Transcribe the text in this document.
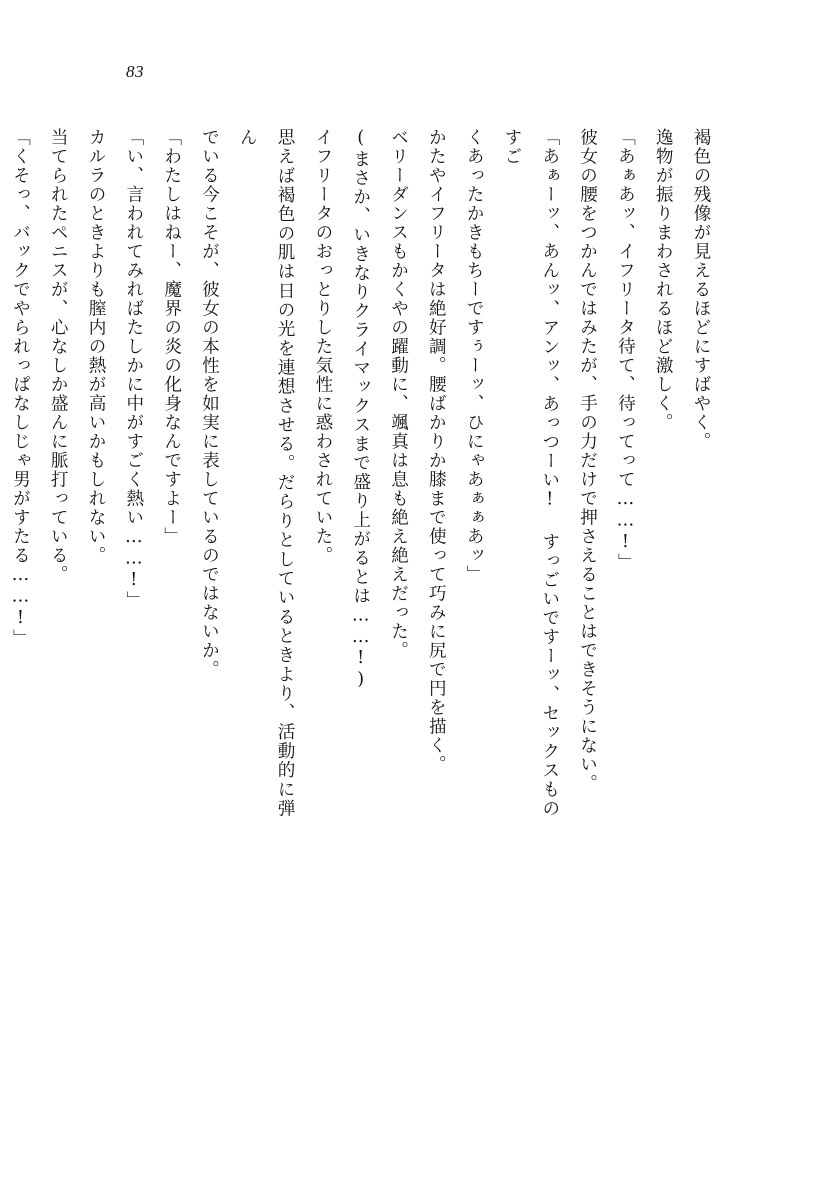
83

褐色の残像が見えるほどにすばやく。

逸物が振りまわされるほど激しく。

「あぁあッ、イフリータ待て、待ってって……!」

彼女の腰をつかんではみたが、手の力だけで押さえることはできそうにない。

「あぁーッ、あんッ、アンッ、あっつーい! すっごいですーッ、セックスものすご

くあったかきもちーですぅーッ、ひにゃあぁぁあッ」

かたやイフリータは絶好調。腰ばかりか膝まで使って巧みに尻で円を描く。

ベリーダンスもかくやの躍動に、颯真は息も絶え絶えだった。

(まさか、いきなりクライマックスまで盛り上がるとは……!)

イフリータのおっとりした気性に惑わされていた。

思えば褐色の肌は日の光を連想させる。だらりとしているときより、活動的に弾ん

でいる今こそが、彼女の本性を如実に表しているのではないか。

「わたしはねー、魔界の炎の化身なんですよー」

「い、言われてみればたしかに中がすごく熱い……!」

カルラのときよりも膣内の熱が高いかもしれない。

当てられたペニスが、心なしか盛んに脈打っている。

「くそっ、バックでやられっぱなしじゃ男がすたる……!」
